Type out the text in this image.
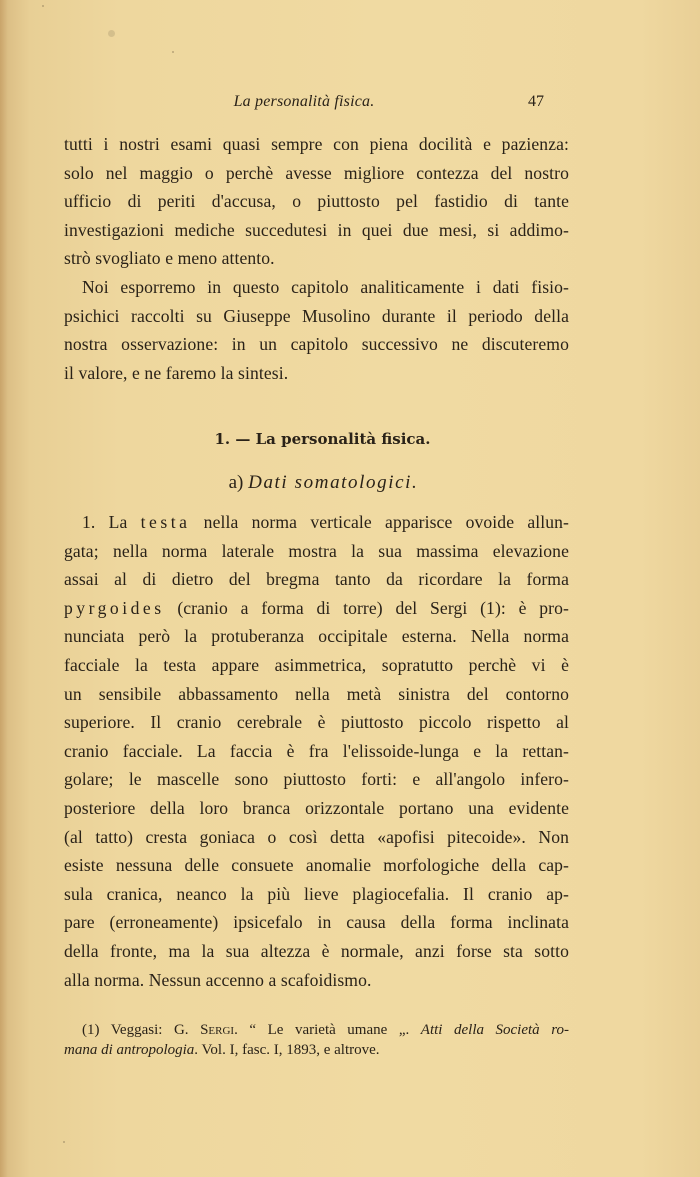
La personalità fisica.	47
tutti i nostri esami quasi sempre con piena docilità e pazienza:
solo nel maggio o perchè avesse migliore contezza del nostro
ufficio di periti d'accusa, o piuttosto pel fastidio di tante
investigazioni mediche succedutesi in quei due mesi, si addimo-
strò svogliato e meno attento.
Noi esporremo in questo capitolo analiticamente i dati fisio-
psichici raccolti su Giuseppe Musolino durante il periodo della
nostra osservazione: in un capitolo successivo ne discuteremo
il valore, e ne faremo la sintesi.
1. — La personalità fisica.
a) Dati somatologici.
1. La testa nella norma verticale apparisce ovoide allun-
gata; nella norma laterale mostra la sua massima elevazione
assai al di dietro del bregma tanto da ricordare la forma
pyrgoides (cranio a forma di torre) del Sergi (1): è pro-
nunciata però la protuberanza occipitale esterna. Nella norma
facciale la testa appare asimmetrica, sopratutto perchè vi è
un sensibile abbassamento nella metà sinistra del contorno
superiore. Il cranio cerebrale è piuttosto piccolo rispetto al
cranio facciale. La faccia è fra l'elissoide-lunga e la rettan-
golare; le mascelle sono piuttosto forti: e all'angolo infero-
posteriore della loro branca orizzontale portano una evidente
(al tatto) cresta goniaca o così detta «apofisi pitecoide». Non
esiste nessuna delle consuete anomalie morfologiche della cap-
sula cranica, neanco la più lieve plagiocefalia. Il cranio ap-
pare (erroneamente) ipsicefalo in causa della forma inclinata
della fronte, ma la sua altezza è normale, anzi forse sta sotto
alla norma. Nessun accenno a scafoidismo.
(1) Veggasi: G. Sergi. “ Le varietà umane „. Atti della Società ro-
mana di antropologia. Vol. I, fasc. I, 1893, e altrove.
